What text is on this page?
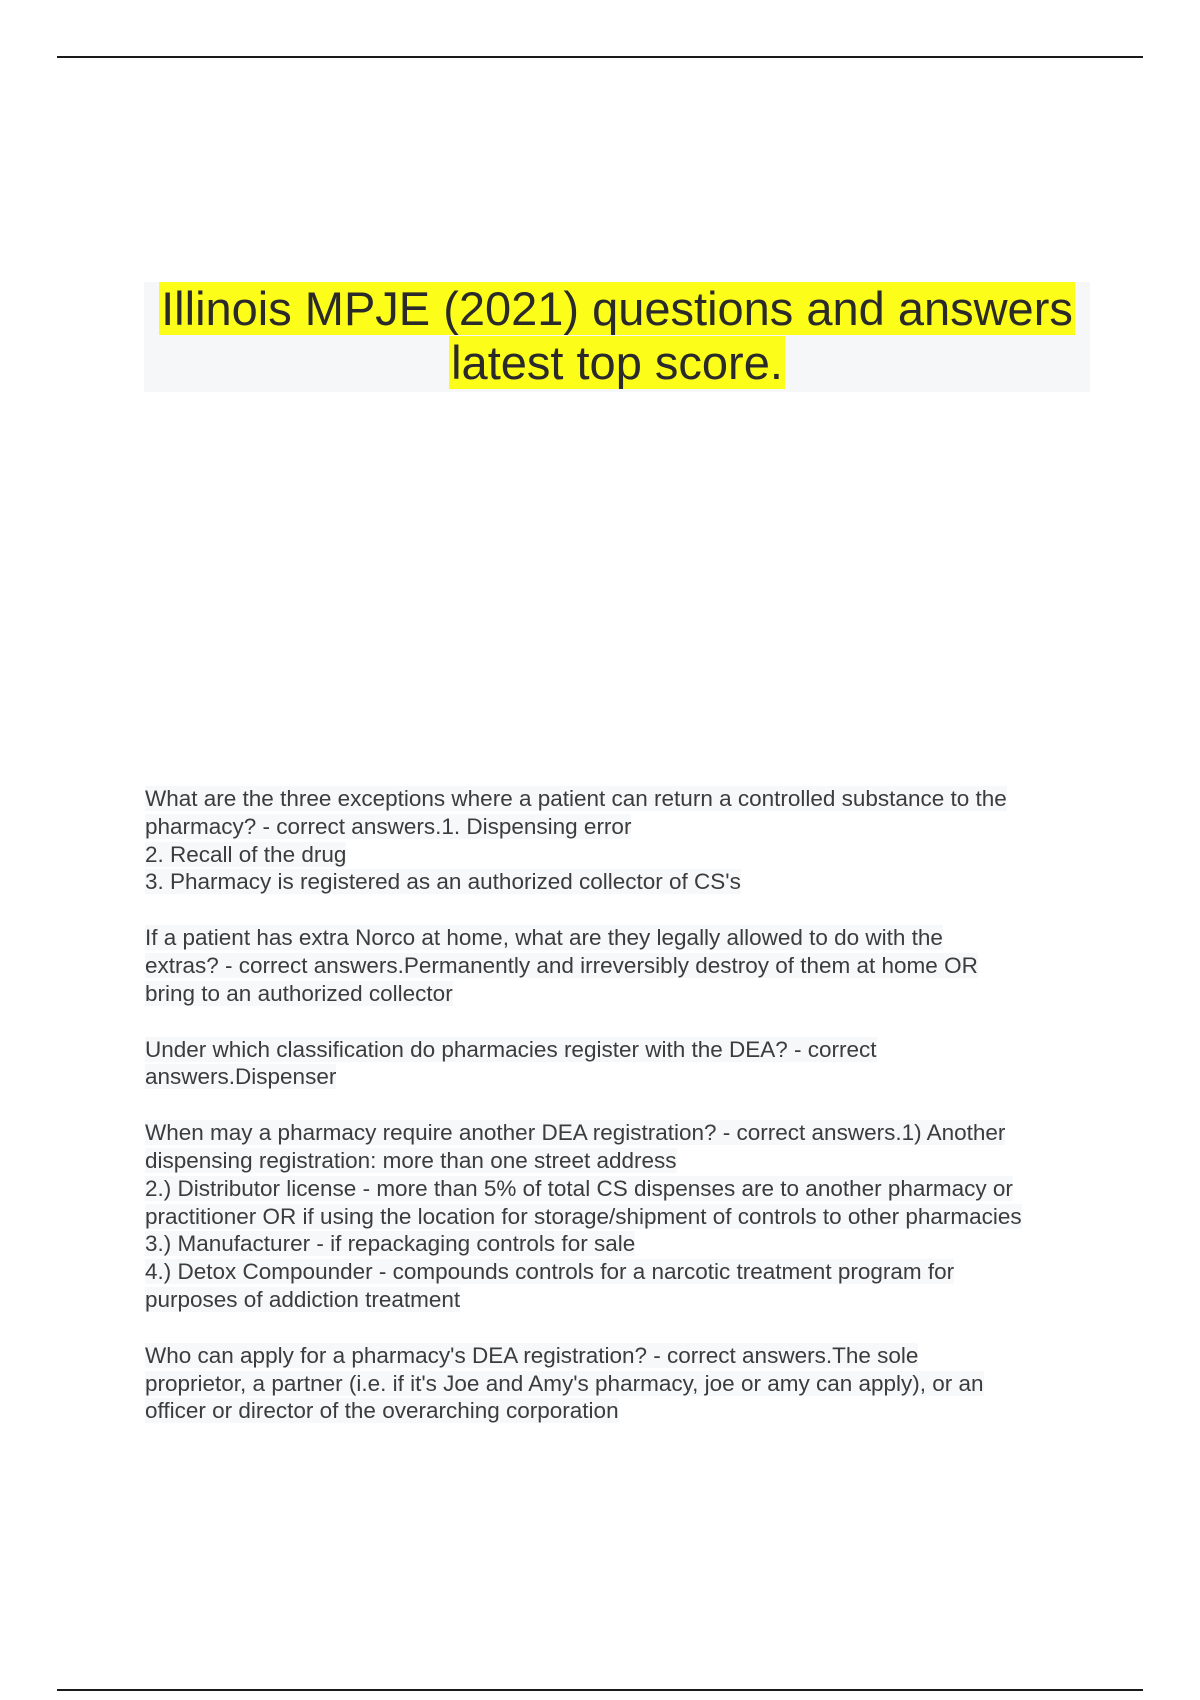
Illinois MPJE (2021) questions and answers
latest top score.
What are the three exceptions where a patient can return a controlled substance to the
pharmacy? - correct answers.1. Dispensing error
2. Recall of the drug
3. Pharmacy is registered as an authorized collector of CS's
If a patient has extra Norco at home, what are they legally allowed to do with the
extras? - correct answers.Permanently and irreversibly destroy of them at home OR
bring to an authorized collector
Under which classification do pharmacies register with the DEA? - correct
answers.Dispenser
When may a pharmacy require another DEA registration? - correct answers.1) Another
dispensing registration: more than one street address
2.) Distributor license - more than 5% of total CS dispenses are to another pharmacy or
practitioner OR if using the location for storage/shipment of controls to other pharmacies
3.) Manufacturer - if repackaging controls for sale
4.) Detox Compounder - compounds controls for a narcotic treatment program for
purposes of addiction treatment
Who can apply for a pharmacy's DEA registration? - correct answers.The sole
proprietor, a partner (i.e. if it's Joe and Amy's pharmacy, joe or amy can apply), or an
officer or director of the overarching corporation
